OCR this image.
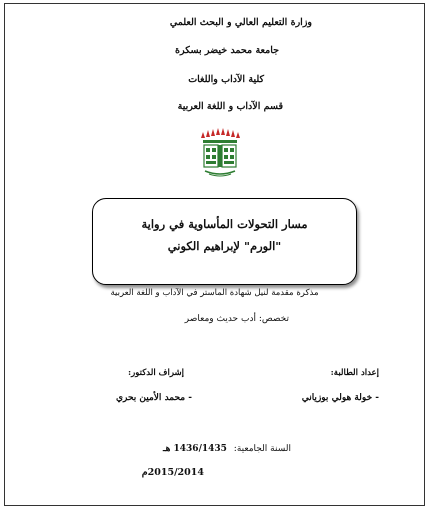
وزارة التعليم العالي و البحث العلمي
جامعة محمد خيضر بسكرة
كلية الآداب واللغات
قسم الآداب و اللغة العربية
مسار التحولات المأساوية في رواية
"الورم" لإبراهيم الكوني
مذكرة مقدمة لنيل شهادة الماستر في الآداب و اللغة العربية
تخصص: أدب حديث ومعاصر
إعداد الطالبة:
- خولة هولي بوزياني
إشراف الدكتور:
- محمد الأمين بحري
السنة الجامعية: 1436/1435 هـ
2015/2014م
